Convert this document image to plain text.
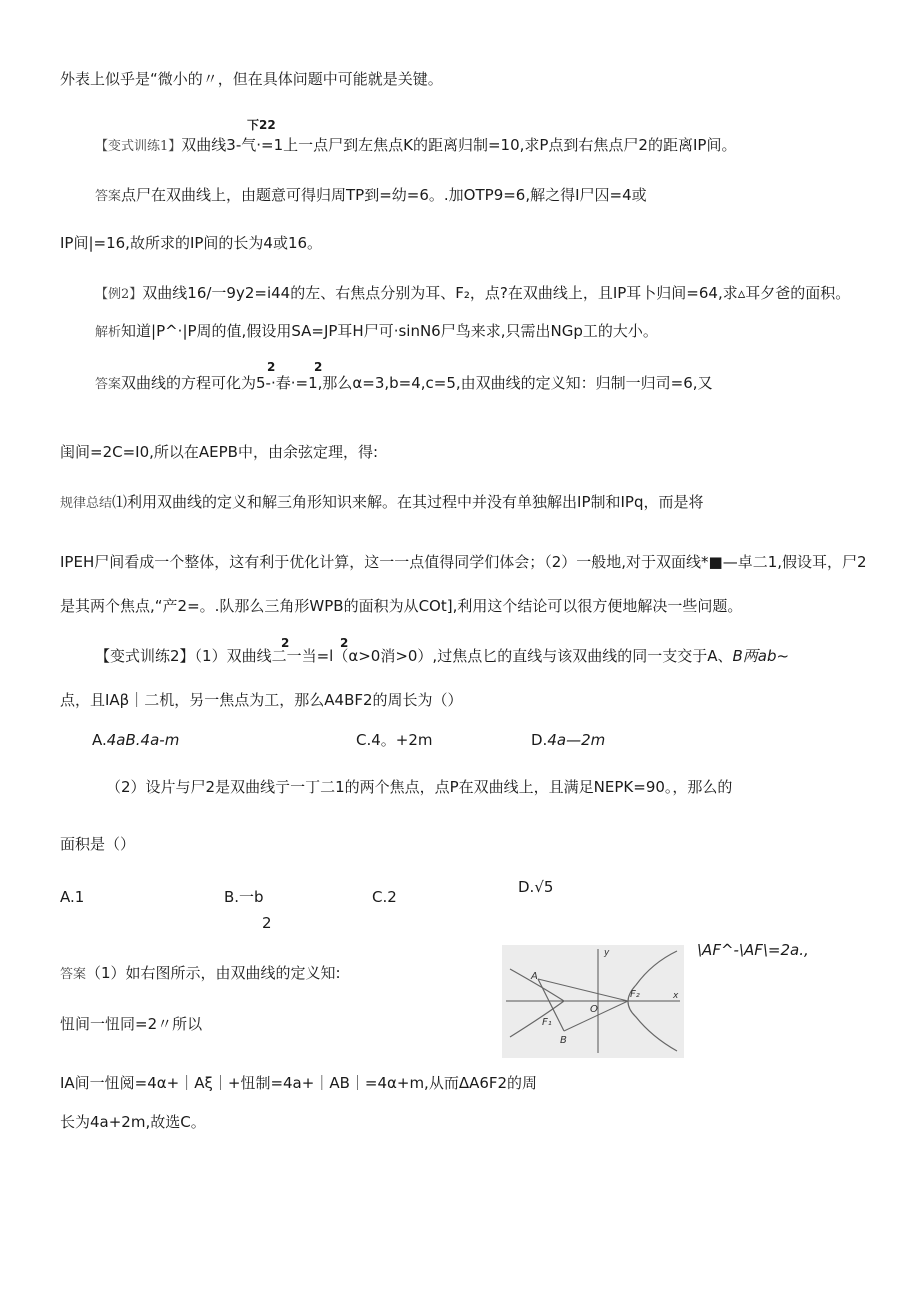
外表上似乎是“微小的〃，但在具体问题中可能就是关键。
下22
【变式训练1】双曲线3-气·=1上一点尸到左焦点K的距离归制=10,求P点到右焦点尸2的距离IP间。
答案点尸在双曲线上，由题意可得归周TP到=幼=6。.加OTP9=6,解之得I尸囚=4或
IP间|=16,故所求的IP间的长为4或16。
【例2】双曲线16/一9y2=i44的左、右焦点分别为耳、F₂，点?在双曲线上，且IP耳卜归间=64,求▵耳夕爸的面积。
解析知道|P^·|P周的值,假设用SA=JP耳H尸可·sinN6尸鸟来求,只需出NGp工的大小。
2	2
答案双曲线的方程可化为5-·春·=1,那么α=3,b=4,c=5,由双曲线的定义知：归制一归司=6,又
闺间=2C=I0,所以在AEPB中，由余弦定理，得:
规律总结⑴利用双曲线的定义和解三角形知识来解。在其过程中并没有单独解出IP制和IPq，而是将
IPEH尸间看成一个整体，这有利于优化计算，这一一点值得同学们体会；（2）一般地,对于双面线*■—卓二1,假设耳，尸2
是其两个焦点,“产2=。.队那么三角形WPB的面积为从COt],利用这个结论可以很方便地解决一些问题。
2	2
【变式训练2】（1）双曲线二一当=l（α>0消>0）,过焦点匕的直线与该双曲线的同一支交于A、B两ab~
点，且IAβ｜二机，另一焦点为工，那么A4BF2的周长为（）
A.4aB.4a-m	C.4。+2m	D.4a—2m
（2）设片与尸2是双曲线亍一丁二1的两个焦点，点P在双曲线上，且满足NEPK=90。，那么的
面积是（）
A.1	B.一b
2
C.2
D.√5
\AF^-\AF\=2a.,
答案（1）如右图所示，由双曲线的定义知:
y
A
O
F₂
F₁
B
x
忸间一忸同=2〃所以
IA间一忸阅=4α+｜Aξ｜+忸制=4a+｜AB｜=4α+m,从而ΔA6F2的周
长为4a+2m,故选C。
